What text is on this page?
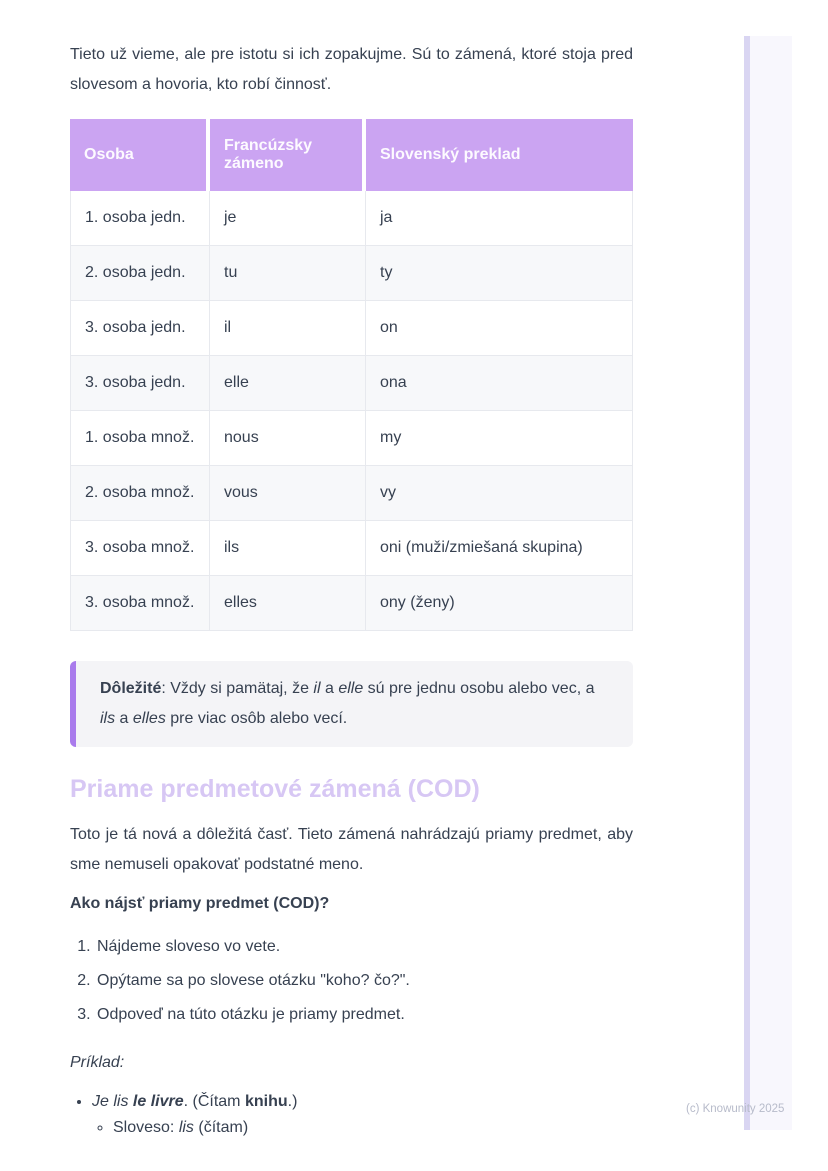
Tieto už vieme, ale pre istotu si ich zopakujme. Sú to zámená, ktoré stoja pred slovesom a hovoria, kto robí činnosť.

Osoba	Francúzsky zámeno	Slovenský preklad
1. osoba jedn.	je	ja
2. osoba jedn.	tu	ty
3. osoba jedn.	il	on
3. osoba jedn.	elle	ona
1. osoba množ.	nous	my
2. osoba množ.	vous	vy
3. osoba množ.	ils	oni (muži/zmiešaná skupina)
3. osoba množ.	elles	ony (ženy)

Dôležité: Vždy si pamätaj, že il a elle sú pre jednu osobu alebo vec, a ils a elles pre viac osôb alebo vecí.

Priame predmetové zámená (COD)

Toto je tá nová a dôležitá časť. Tieto zámená nahrádzajú priamy predmet, aby sme nemuseli opakovať podstatné meno.

Ako nájsť priamy predmet (COD)?

1. Nájdeme sloveso vo vete.
2. Opýtame sa po slovese otázku "koho? čo?".
3. Odpoveď na túto otázku je priamy predmet.

Príklad:

• Je lis le livre. (Čítam knihu.)
◦ Sloveso: lis (čítam)
(c) Knowunity 2025
